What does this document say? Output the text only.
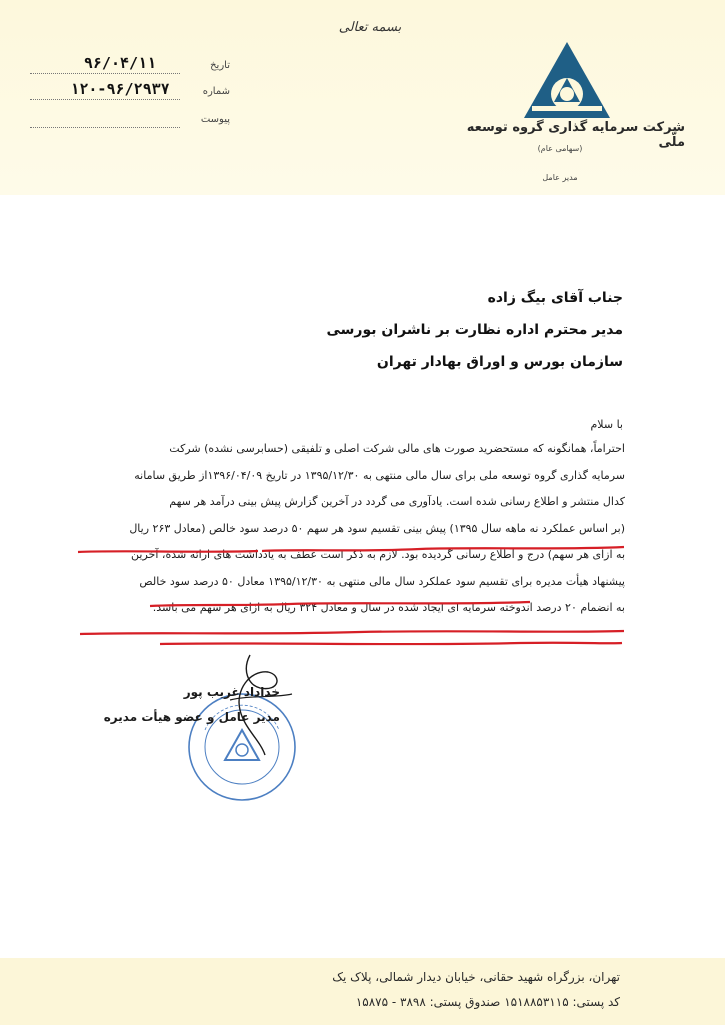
بسمه تعالی
شرکت سرمایه گذاری گروه توسعه ملّی
(سهامی عام)
مدیر عامل
۹۶/۰۴/۱۱	تاریخ
۱۲۰-۹۶/۲۹۳۷	شماره
پیوست
جناب آقای بیگ زاده
مدیر محترم اداره نظارت بر ناشران بورسی
سازمان بورس و اوراق بهادار تهران
با سلام
احتراماً، همانگونه که مستحضرید صورت های مالی شرکت اصلی و تلفیقی (حسابرسی نشده) شرکت
سرمایه گذاری گروه توسعه ملی برای سال مالی منتهی به ۱۳۹۵/۱۲/۳۰ در تاریخ ۱۳۹۶/۰۴/۰۹از طریق سامانه
کدال منتشر و اطلاع رسانی شده است. یادآوری می گردد در آخرین گزارش پیش بینی درآمد هر سهم
(بر اساس عملکرد نه ماهه سال ۱۳۹۵) پیش بینی تقسیم سود هر سهم ۵۰ درصد سود خالص (معادل ۲۶۳ ریال
به ازای هر سهم) درج و اطلاع رسانی گردیده بود. لازم به ذکر است عطف به یادداشت های ارائه شده، آخرین
پیشنهاد هیأت مدیره برای تقسیم سود عملکرد سال مالی منتهی به ۱۳۹۵/۱۲/۳۰ معادل ۵۰ درصد سود خالص
به انضمام ۲۰ درصد اندوخته سرمایه ای ایجاد شده در سال و معادل ۳۲۴ ریال به ازای هر سهم می باشد.
خداداد غریب پور
مدیر عامل و عضو هیأت مدیره
تهران، بزرگراه شهید حقانی، خیابان دیدار شمالی، پلاک یک
کد پستی: ۱۵۱۸۸۵۳۱۱۵ صندوق پستی: ۳۸۹۸ - ۱۵۸۷۵
